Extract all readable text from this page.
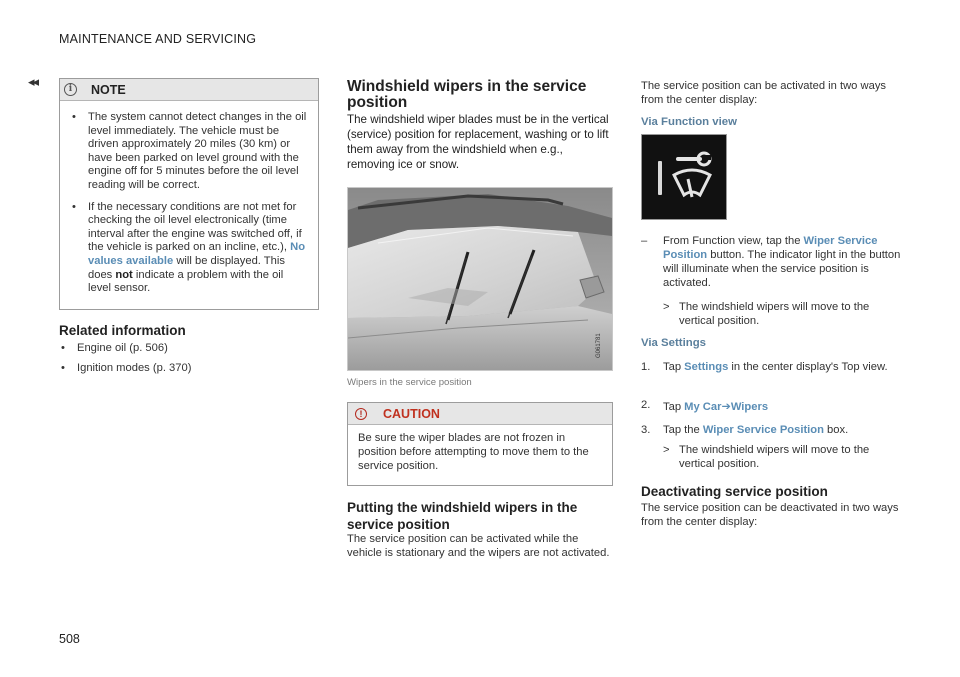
MAINTENANCE AND SERVICING
◂◂	i	NOTE
• The system cannot detect changes in the oil level immediately. The vehicle must be driven approximately 20 miles (30 km) or have been parked on level ground with the engine off for 5 minutes before the oil level reading will be correct.
• If the necessary conditions are not met for checking the oil level electronically (time interval after the engine was switched off, if the vehicle is parked on an incline, etc.), No values available will be displayed. This does not indicate a problem with the oil level sensor.
Related information
• Engine oil (p. 506)
• Ignition modes (p. 370)
508
Windshield wipers in the service position
The windshield wiper blades must be in the vertical (service) position for replacement, washing or to lift them away from the windshield when e.g., removing ice or snow.
G061781
Wipers in the service position
!	CAUTION
Be sure the wiper blades are not frozen in position before attempting to move them to the service position.
Putting the windshield wipers in the service position
The service position can be activated while the vehicle is stationary and the wipers are not activated.
The service position can be activated in two ways from the center display:
Via Function view
–	From Function view, tap the Wiper Service Position button. The indicator light in the button will illuminate when the service position is activated.
> The windshield wipers will move to the vertical position.
Via Settings
1.	Tap Settings in the center display's Top view.
2.	Tap My Car➔Wipers
3.	Tap the Wiper Service Position box.
> The windshield wipers will move to the vertical position.
Deactivating service position
The service position can be deactivated in two ways from the center display:
